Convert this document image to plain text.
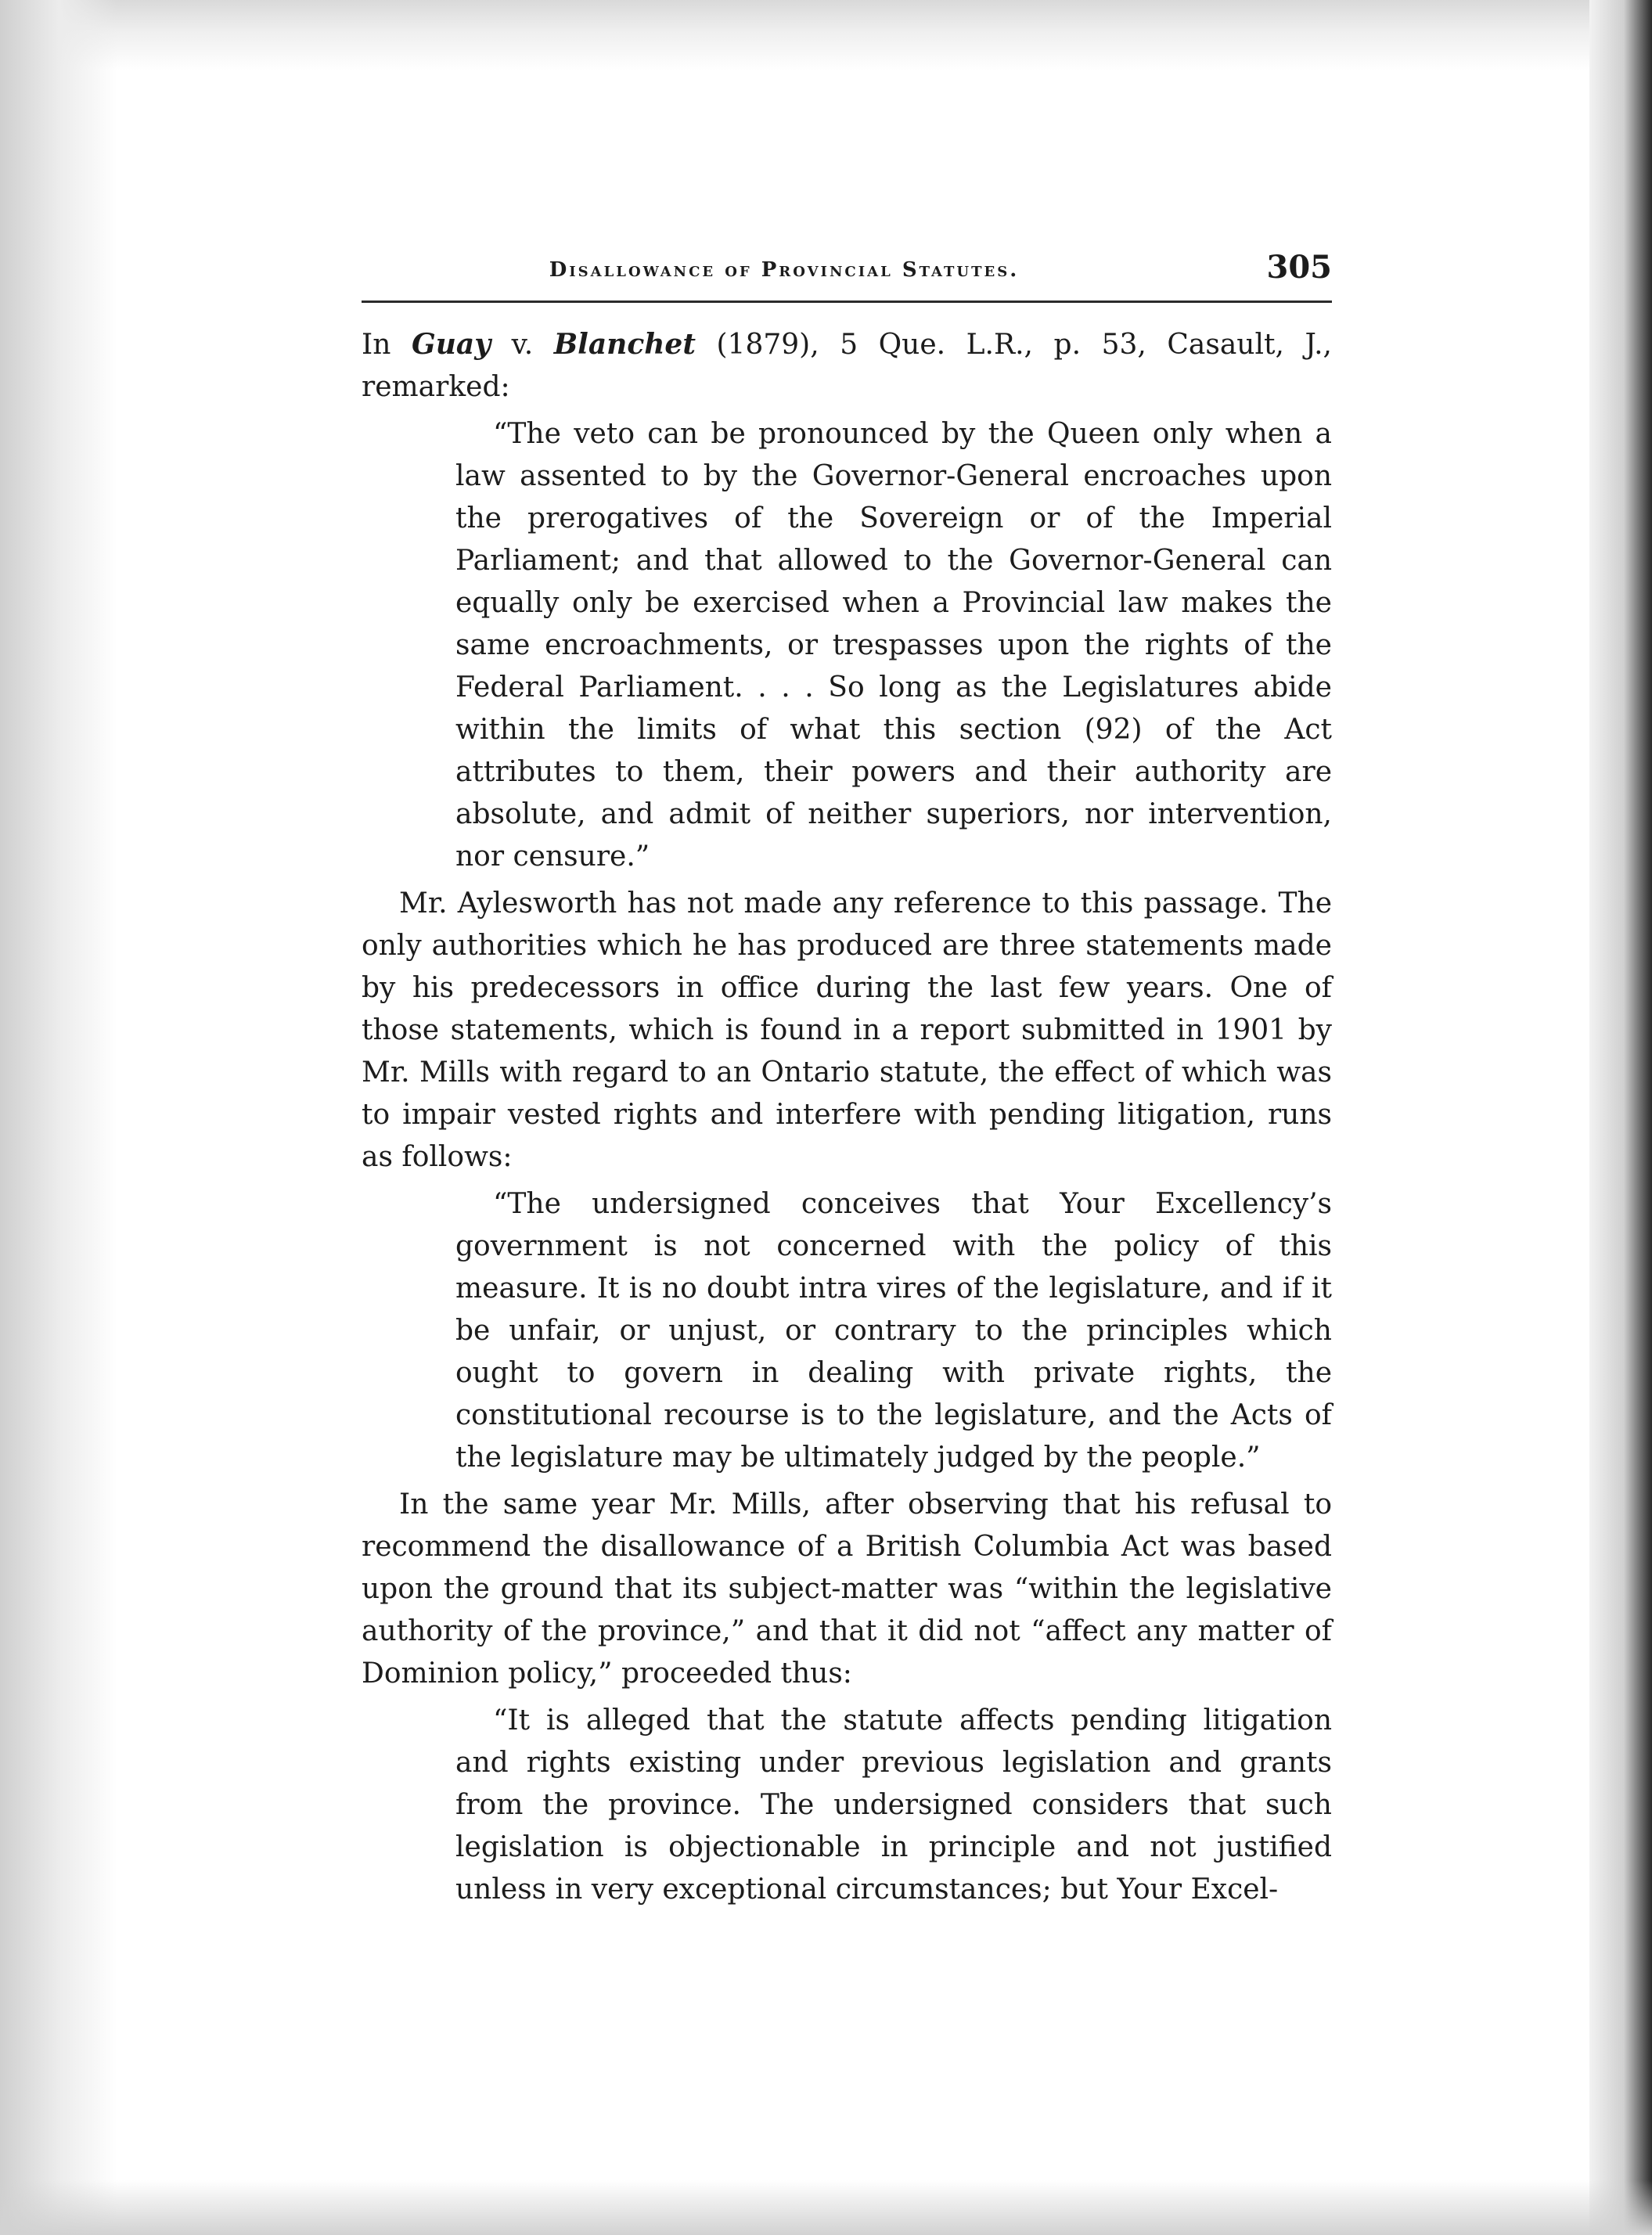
Disallowance of Provincial Statutes.	305

In Guay v. Blanchet (1879), 5 Que. L.R., p. 53, Casault, J., remarked:

“The veto can be pronounced by the Queen only when a law assented to by the Governor-General encroaches upon the prerogatives of the Sovereign or of the Imperial Parliament; and that allowed to the Governor-General can equally only be exercised when a Provincial law makes the same encroachments, or trespasses upon the rights of the Federal Parliament. . . . So long as the Legislatures abide within the limits of what this section (92) of the Act attributes to them, their powers and their authority are absolute, and admit of neither superiors, nor intervention, nor censure.”

Mr. Aylesworth has not made any reference to this passage. The only authorities which he has produced are three statements made by his predecessors in office during the last few years. One of those statements, which is found in a report submitted in 1901 by Mr. Mills with regard to an Ontario statute, the effect of which was to impair vested rights and interfere with pending litigation, runs as follows:

“The undersigned conceives that Your Excellency’s government is not concerned with the policy of this measure. It is no doubt intra vires of the legislature, and if it be unfair, or unjust, or contrary to the principles which ought to govern in dealing with private rights, the constitutional recourse is to the legislature, and the Acts of the legislature may be ultimately judged by the people.”

In the same year Mr. Mills, after observing that his refusal to recommend the disallowance of a British Columbia Act was based upon the ground that its subject-matter was “within the legislative authority of the province,” and that it did not “affect any matter of Dominion policy,” proceeded thus:

“It is alleged that the statute affects pending litigation and rights existing under previous legislation and grants from the province. The undersigned considers that such legislation is objectionable in principle and not justified unless in very exceptional circumstances; but Your Excel-
